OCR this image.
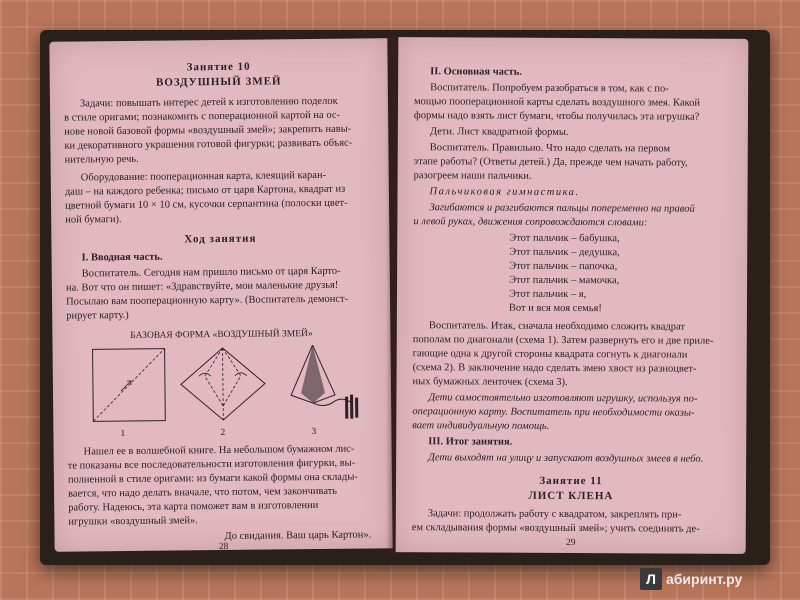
Занятие 10
ВОЗДУШНЫЙ ЗМЕЙ
Задачи: повышать интерес детей к изготовлению поделок
в стиле оригами; познакомить с поперационной картой на ос-
нове новой базовой формы «воздушный змей»; закрепить навы-
ки декоративного украшения готовой фигурки; развивать объяс-
нительную речь.
Оборудование: пооперационная карта, клеящий каран-
даш – на каждого ребенка; письмо от царя Картона, квадрат из
цветной бумаги 10 × 10 см, кусочки серпантина (полоски цвет-
ной бумаги).
Ход занятия
I. Вводная часть.
Воспитатель. Сегодня нам пришло письмо от царя Карто-
на. Вот что он пишет: «Здравствуйте, мои маленькие друзья!
Посылаю вам пооперационную карту». (Воспитатель демонст-
рирует карту.)
БАЗОВАЯ ФОРМА «ВОЗДУШНЫЙ ЗМЕЙ»
1	2	3
Нашел ее в волшебной книге. На небольшом бумажном лис-
те показаны все последовательности изготовления фигурки, вы-
полненной в стиле оригами: из бумаги какой формы она склады-
вается, что надо делать вначале, что потом, чем закончивать
работу. Надеюсь, эта карта поможет вам в изготовлении
игрушки «воздушный змей».
До свидания. Ваш царь Картон».
28
II. Основная часть.
Воспитатель. Попробуем разобраться в том, как с по-
мощью пооперационной карты сделать воздушного змея. Какой
формы надо взять лист бумаги, чтобы получилась эта игрушка?
Дети. Лист квадратной формы.
Воспитатель. Правильно. Что надо сделать на первом
этапе работы? (Ответы детей.) Да, прежде чем начать работу,
разогреем наши пальчики.
Пальчиковая гимнастика.
Загибаются и разгибаются пальцы попеременно на правой
и левой руках, движения сопровождаются словами:
Этот пальчик – бабушка,
Этот пальчик – дедушка,
Этот пальчик – папочка,
Этот пальчик – мамочка,
Этот пальчик – я,
Вот и вся моя семья!
Воспитатель. Итак, сначала необходимо сложить квадрат
пополам по диагонали (схема 1). Затем развернуть его и две приле-
гающие одна к другой стороны квадрата согнуть к диагонали
(схема 2). В заключение надо сделать змею хвост из разноцвет-
ных бумажных ленточек (схема 3).
Дети самостоятельно изготовляют игрушку, используя по-
операционную карту. Воспитатель при необходимости оказы-
вает индивидуальную помощь.
III. Итог занятия.
Дети выходят на улицу и запускают воздушных змеев в небо.
Занятие 11
ЛИСТ КЛЕНА
Задачи: продолжать работу с квадратом, закреплять при-
ем складывания формы «воздушный змей»; учить соединять де-
29
Л абиринт.ру
